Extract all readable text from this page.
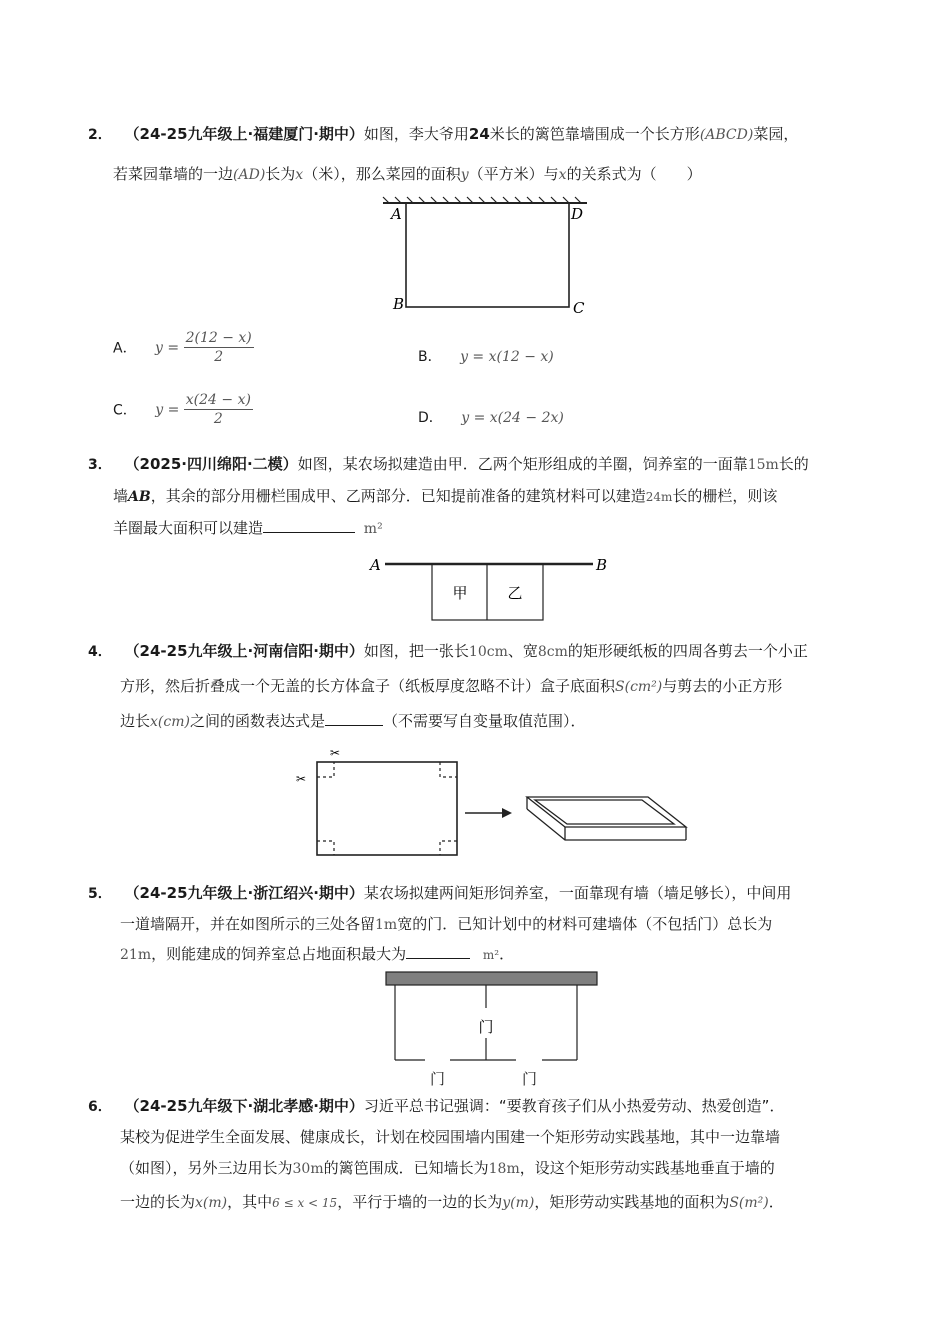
2． （24-25九年级上·福建厦门·期中）如图，李大爷用24米长的篱笆靠墙围成一个长方形(ABCD)菜园，
若菜园靠墙的一边(AD)长为x（米），那么菜园的面积y（平方米）与x的关系式为（　　）
A	D
B	C
A． $y = \frac{2(12 - x)}{2}$	B． y = x(12 − x)
C． $y = \frac{x(24 - x)}{2}$	D． y = x(24 − 2x)
3． （2025·四川绵阳·二模）如图，某农场拟建造由甲．乙两个矩形组成的羊圈，饲养室的一面靠15m长的
墙AB，其余的部分用栅栏围成甲、乙两部分．已知提前准备的建筑材料可以建造24m长的栅栏，则该
羊圈最大面积可以建造	m²
A	B
甲	乙
4． （24-25九年级上·河南信阳·期中）如图，把一张长10cm、宽8cm的矩形硬纸板的四周各剪去一个小正
方形，然后折叠成一个无盖的长方体盒子（纸板厚度忽略不计）盒子底面积S(cm²)与剪去的小正方形
边长x(cm)之间的函数表达式是	（不需要写自变量取值范围）．
✂
✂
5． （24-25九年级上·浙江绍兴·期中）某农场拟建两间矩形饲养室，一面靠现有墙（墙足够长），中间用
一道墙隔开，并在如图所示的三处各留1m宽的门．已知计划中的材料可建墙体（不包括门）总长为
21m，则能建成的饲养室总占地面积最大为	m²．
门
门	门
6． （24-25九年级下·湖北孝感·期中）习近平总书记强调：“要教育孩子们从小热爱劳动、热爱创造”．
某校为促进学生全面发展、健康成长，计划在校园围墙内围建一个矩形劳动实践基地，其中一边靠墙
（如图），另外三边用长为30m的篱笆围成．已知墙长为18m，设这个矩形劳动实践基地垂直于墙的
一边的长为x(m)，其中6 ≤ x < 15，平行于墙的一边的长为y(m)，矩形劳动实践基地的面积为S(m²)．
